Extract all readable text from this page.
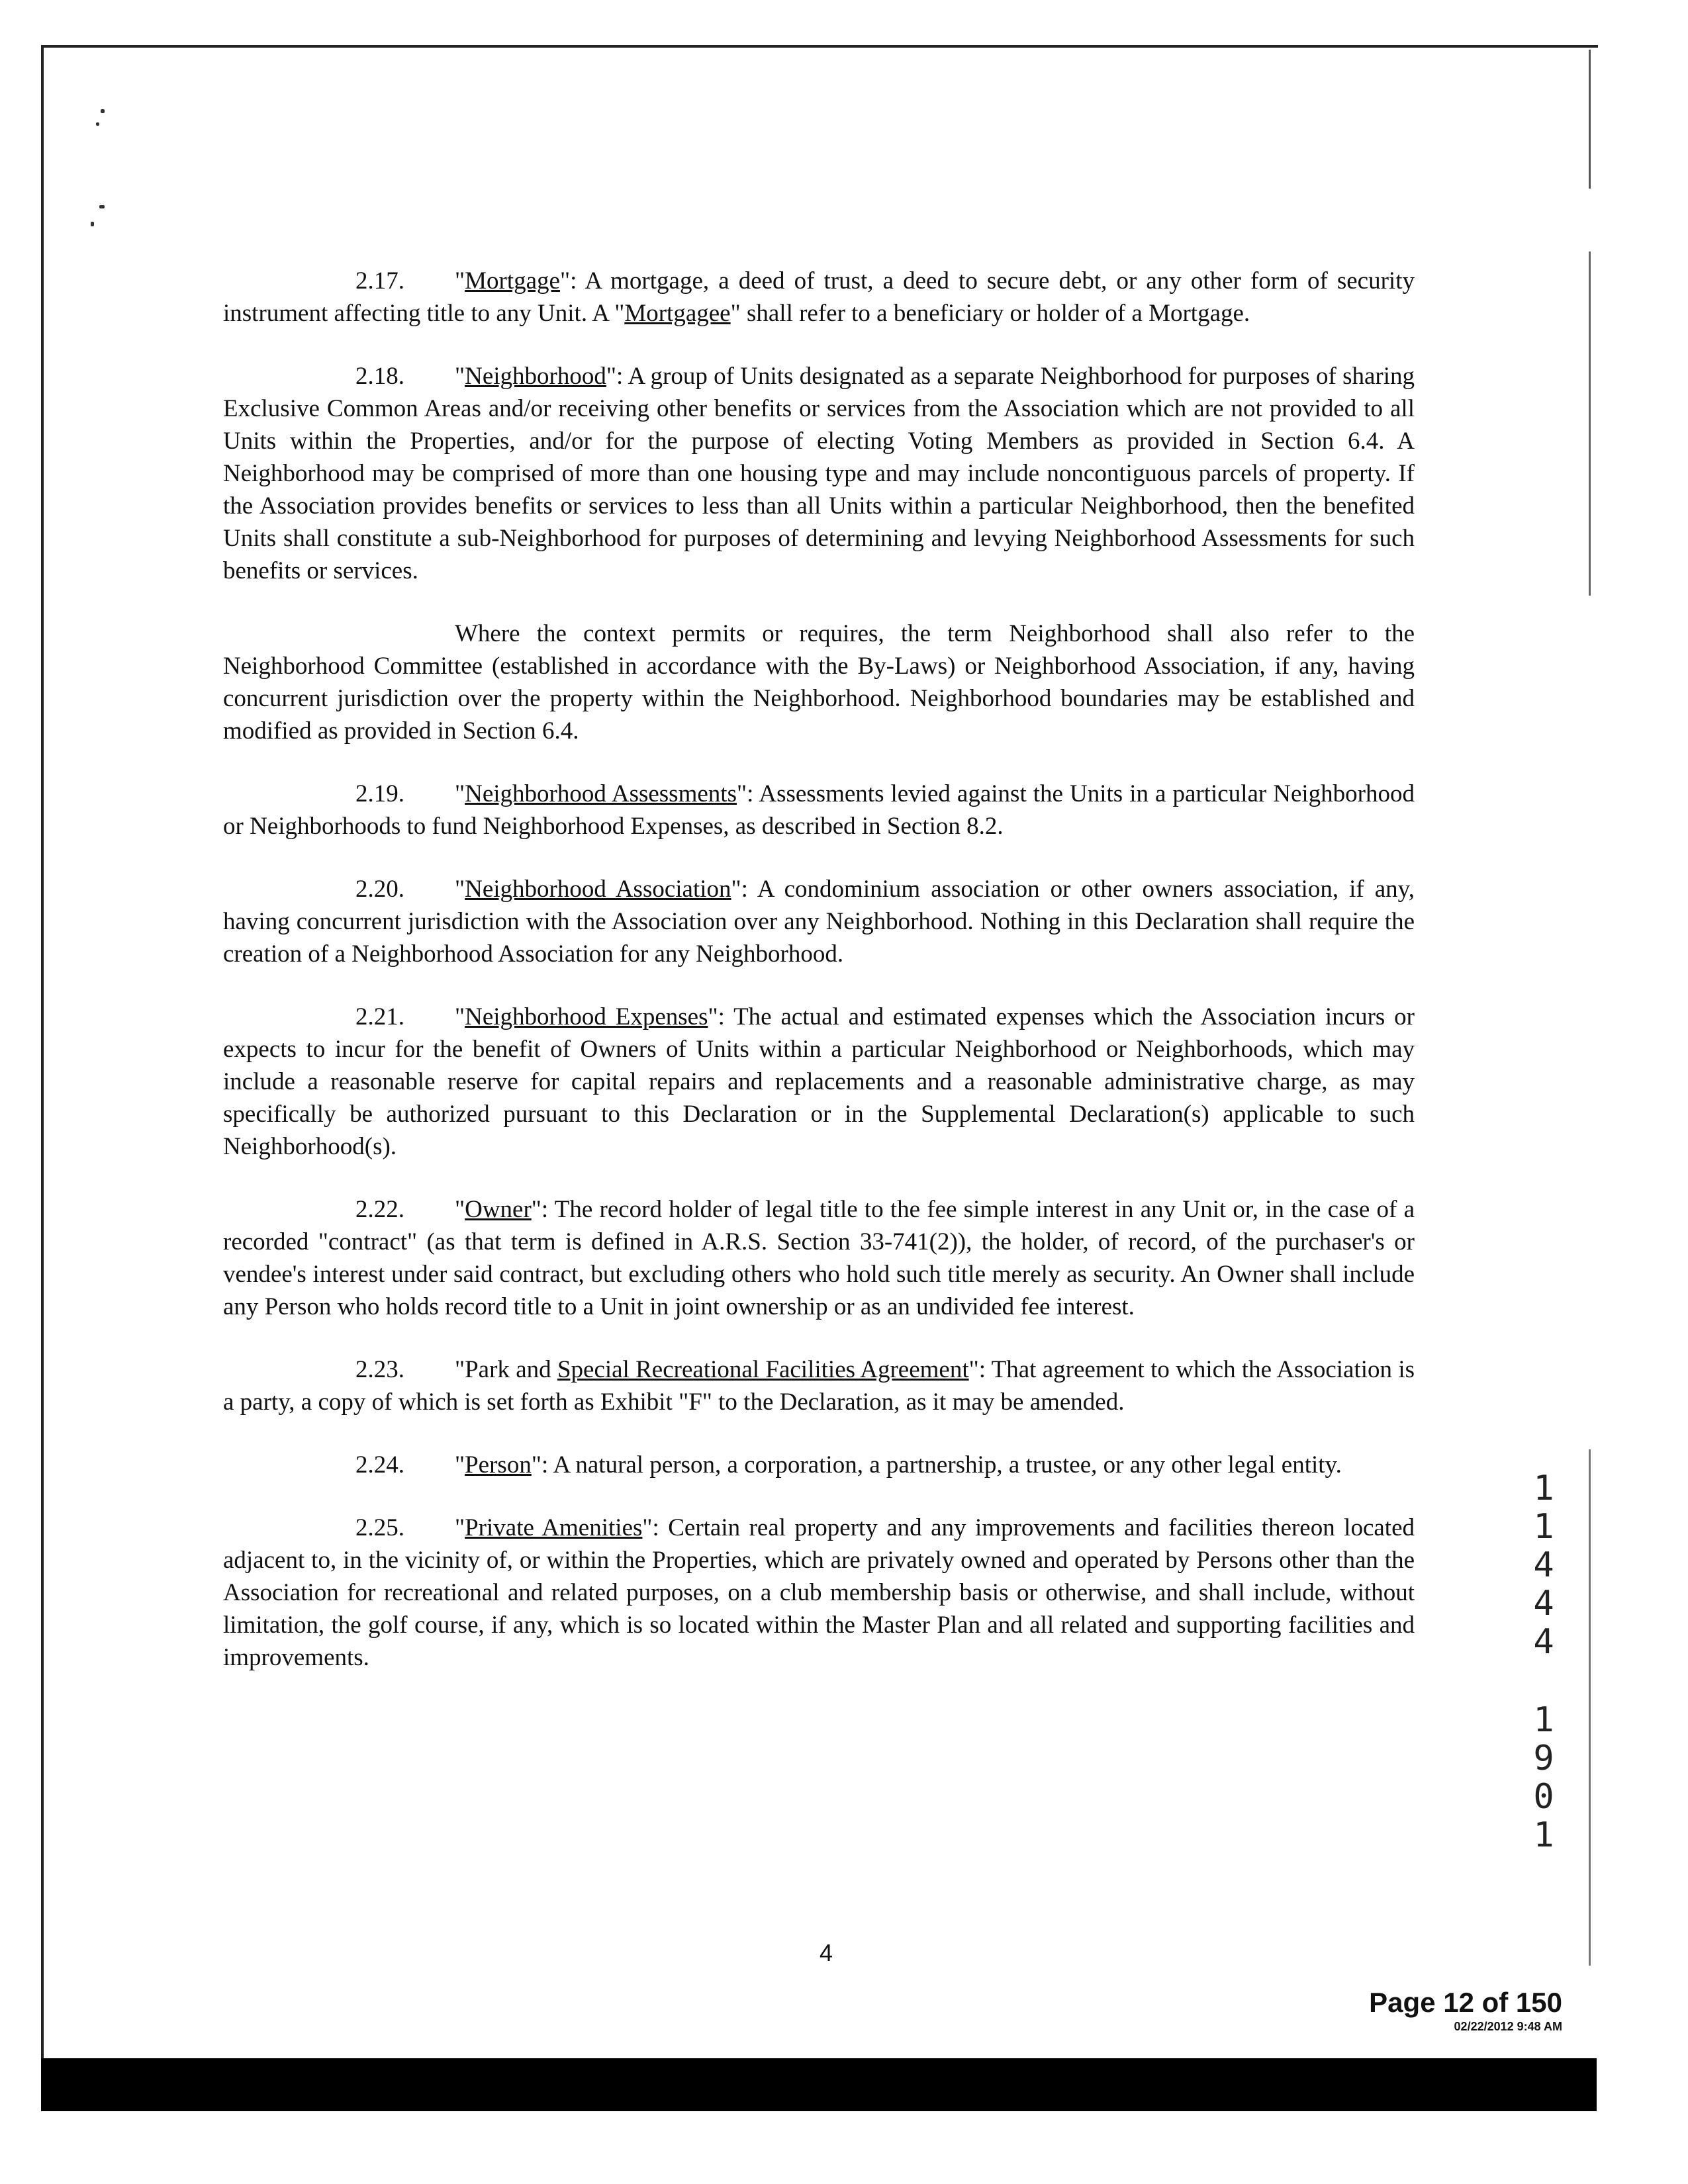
2.17. "Mortgage": A mortgage, a deed of trust, a deed to secure debt, or any other form of security instrument affecting title to any Unit. A "Mortgagee" shall refer to a beneficiary or holder of a Mortgage.

2.18. "Neighborhood": A group of Units designated as a separate Neighborhood for purposes of sharing Exclusive Common Areas and/or receiving other benefits or services from the Association which are not provided to all Units within the Properties, and/or for the purpose of electing Voting Members as provided in Section 6.4. A Neighborhood may be comprised of more than one housing type and may include noncontiguous parcels of property. If the Association provides benefits or services to less than all Units within a particular Neighborhood, then the benefited Units shall constitute a sub-Neighborhood for purposes of determining and levying Neighborhood Assessments for such benefits or services.

Where the context permits or requires, the term Neighborhood shall also refer to the Neighborhood Committee (established in accordance with the By-Laws) or Neighborhood Association, if any, having concurrent jurisdiction over the property within the Neighborhood. Neighborhood boundaries may be established and modified as provided in Section 6.4.

2.19. "Neighborhood Assessments": Assessments levied against the Units in a particular Neighborhood or Neighborhoods to fund Neighborhood Expenses, as described in Section 8.2.

2.20. "Neighborhood Association": A condominium association or other owners association, if any, having concurrent jurisdiction with the Association over any Neighborhood. Nothing in this Declaration shall require the creation of a Neighborhood Association for any Neighborhood.

2.21. "Neighborhood Expenses": The actual and estimated expenses which the Association incurs or expects to incur for the benefit of Owners of Units within a particular Neighborhood or Neighborhoods, which may include a reasonable reserve for capital repairs and replacements and a reasonable administrative charge, as may specifically be authorized pursuant to this Declaration or in the Supplemental Declaration(s) applicable to such Neighborhood(s).

2.22. "Owner": The record holder of legal title to the fee simple interest in any Unit or, in the case of a recorded "contract" (as that term is defined in A.R.S. Section 33-741(2)), the holder, of record, of the purchaser's or vendee's interest under said contract, but excluding others who hold such title merely as security. An Owner shall include any Person who holds record title to a Unit in joint ownership or as an undivided fee interest.

2.23. "Park and Special Recreational Facilities Agreement": That agreement to which the Association is a party, a copy of which is set forth as Exhibit "F" to the Declaration, as it may be amended.

2.24. "Person": A natural person, a corporation, a partnership, a trustee, or any other legal entity.

2.25. "Private Amenities": Certain real property and any improvements and facilities thereon located adjacent to, in the vicinity of, or within the Properties, which are privately owned and operated by Persons other than the Association for recreational and related purposes, on a club membership basis or otherwise, and shall include, without limitation, the golf course, if any, which is so located within the Master Plan and all related and supporting facilities and improvements.

4
1
1
4
4
4
1
9
0
1
Page 12 of 150
02/22/2012 9:48 AM
